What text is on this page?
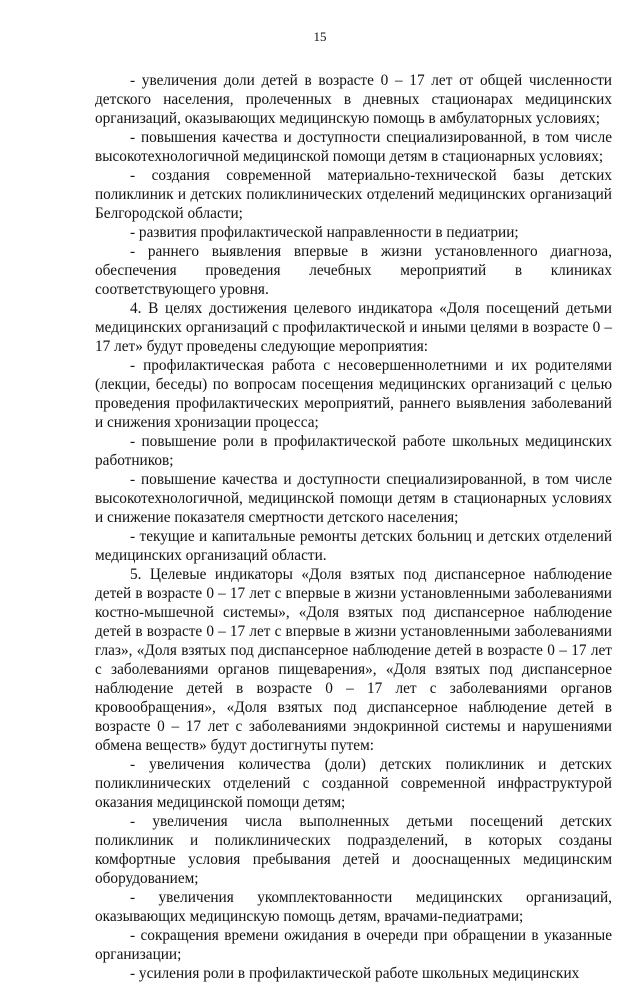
15

- увеличения доли детей в возрасте 0 – 17 лет от общей численности детского населения, пролеченных в дневных стационарах медицинских организаций, оказывающих медицинскую помощь в амбулаторных условиях;

- повышения качества и доступности специализированной, в том числе высокотехнологичной медицинской помощи детям в стационарных условиях;

- создания современной материально-технической базы детских поликлиник и детских поликлинических отделений медицинских организаций Белгородской области;

- развития профилактической направленности в педиатрии;

- раннего выявления впервые в жизни установленного диагноза, обеспечения проведения лечебных мероприятий в клиниках соответствующего уровня.

4. В целях достижения целевого индикатора «Доля посещений детьми медицинских организаций с профилактической и иными целями в возрасте 0 – 17 лет» будут проведены следующие мероприятия:

- профилактическая работа с несовершеннолетними и их родителями (лекции, беседы) по вопросам посещения медицинских организаций с целью проведения профилактических мероприятий, раннего выявления заболеваний и снижения хронизации процесса;

- повышение роли в профилактической работе школьных медицинских работников;

- повышение качества и доступности специализированной, в том числе высокотехнологичной, медицинской помощи детям в стационарных условиях и снижение показателя смертности детского населения;

- текущие и капитальные ремонты детских больниц и детских отделений медицинских организаций области.

5. Целевые индикаторы «Доля взятых под диспансерное наблюдение детей в возрасте 0 – 17 лет с впервые в жизни установленными заболеваниями костно-мышечной системы», «Доля взятых под диспансерное наблюдение детей в возрасте 0 – 17 лет с впервые в жизни установленными заболеваниями глаз», «Доля взятых под диспансерное наблюдение детей в возрасте 0 – 17 лет с заболеваниями органов пищеварения», «Доля взятых под диспансерное наблюдение детей в возрасте 0 – 17 лет с заболеваниями органов кровообращения», «Доля взятых под диспансерное наблюдение детей в возрасте 0 – 17 лет с заболеваниями эндокринной системы и нарушениями обмена веществ» будут достигнуты путем:

- увеличения количества (доли) детских поликлиник и детских поликлинических отделений с созданной современной инфраструктурой оказания медицинской помощи детям;

- увеличения числа выполненных детьми посещений детских поликлиник и поликлинических подразделений, в которых созданы комфортные условия пребывания детей и дооснащенных медицинским оборудованием;

- увеличения укомплектованности медицинских организаций, оказывающих медицинскую помощь детям, врачами-педиатрами;

- сокращения времени ожидания в очереди при обращении в указанные организации;

- усиления роли в профилактической работе школьных медицинских
